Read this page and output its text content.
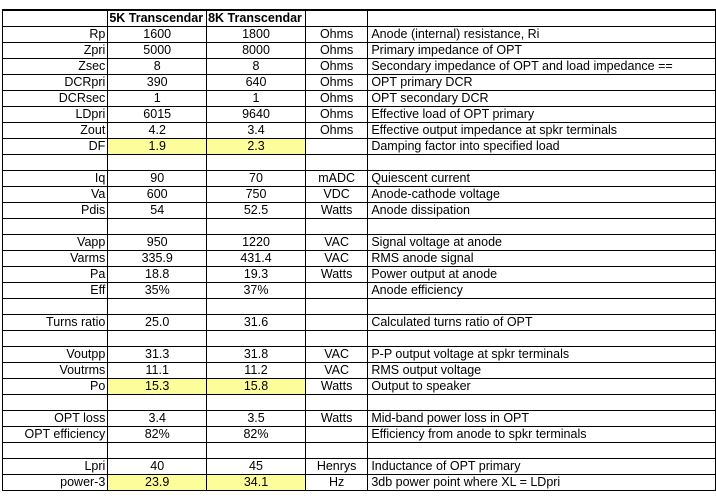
	5K Transcendar	8K Transcendar		
Rp	1600	1800	Ohms	Anode (internal) resistance, Ri
Zpri	5000	8000	Ohms	Primary impedance of OPT
Zsec	8	8	Ohms	Secondary impedance of OPT and load impedance ==
DCRpri	390	640	Ohms	OPT primary DCR
DCRsec	1	1	Ohms	OPT secondary DCR
LDpri	6015	9640	Ohms	Effective load of OPT primary
Zout	4.2	3.4	Ohms	Effective output impedance at spkr terminals
DF	1.9	2.3		Damping factor into specified load

Iq	90	70	mADC	Quiescent current
Va	600	750	VDC	Anode-cathode voltage
Pdis	54	52.5	Watts	Anode dissipation

Vapp	950	1220	VAC	Signal voltage at anode
Varms	335.9	431.4	VAC	RMS anode signal
Pa	18.8	19.3	Watts	Power output at anode
Eff	35%	37%		Anode efficiency

Turns ratio	25.0	31.6		Calculated turns ratio of OPT

Voutpp	31.3	31.8	VAC	P-P output voltage at spkr terminals
Voutrms	11.1	11.2	VAC	RMS output voltage
Po	15.3	15.8	Watts	Output to speaker

OPT loss	3.4	3.5	Watts	Mid-band power loss in OPT
OPT efficiency	82%	82%		Efficiency from anode to spkr terminals

Lpri	40	45	Henrys	Inductance of OPT primary
power-3	23.9	34.1	Hz	3db power point where XL = LDpri
